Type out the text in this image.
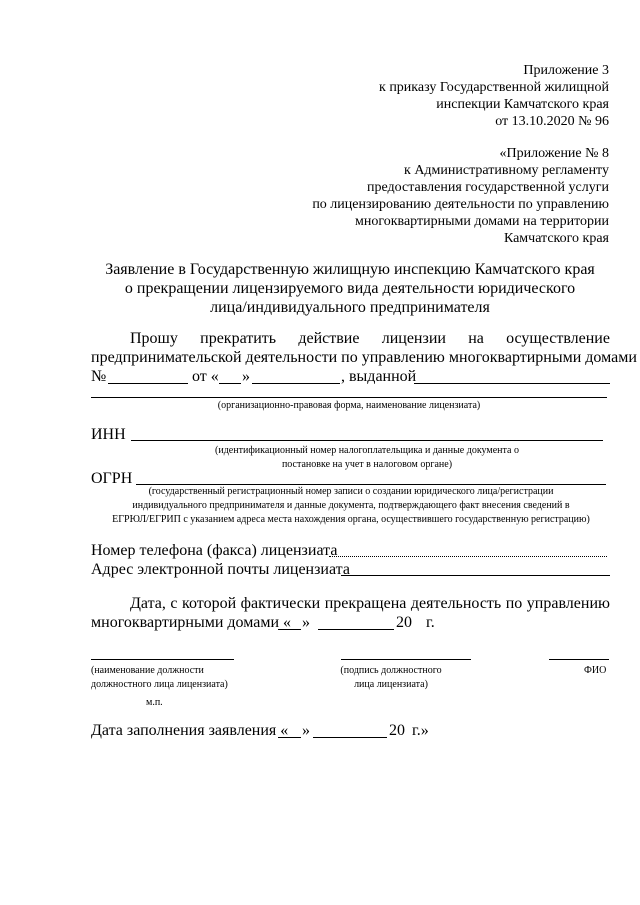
Приложение 3
к приказу Государственной жилищной
инспекции Камчатского края
от 13.10.2020 № 96
«Приложение № 8
к Административному регламенту
предоставления государственной услуги
по лицензированию деятельности по управлению
многоквартирными домами на территории
Камчатского края
Заявление в Государственную жилищную инспекцию Камчатского края
о прекращении лицензируемого вида деятельности юридического
лица/индивидуального предпринимателя
Прошу прекратить действие лицензии на осуществление
предпринимательской деятельности по управлению многоквартирными домами
№	от « »	, выданной
(организационно-правовая форма, наименование лицензиата)
ИНН
(идентификационный номер налогоплательщика и данные документа о
постановке на учет в налоговом органе)
ОГРН
(государственный регистрационный номер записи о создании юридического лица/регистрации
индивидуального предпринимателя и данные документа, подтверждающего факт внесения сведений в
ЕГРЮЛ/ЕГРИП с указанием адреса места нахождения органа, осуществившего государственную регистрацию)
Номер телефона (факса) лицензиата
Адрес электронной почты лицензиата
Дата, с которой фактически прекращена деятельность по управлению
многоквартирными домами « »	20 г.
(наименование должности
должностного лица лицензиата)
(подпись должностного
лица лицензиата)
ФИО
м.п.
Дата заполнения заявления « »	20 г.»
